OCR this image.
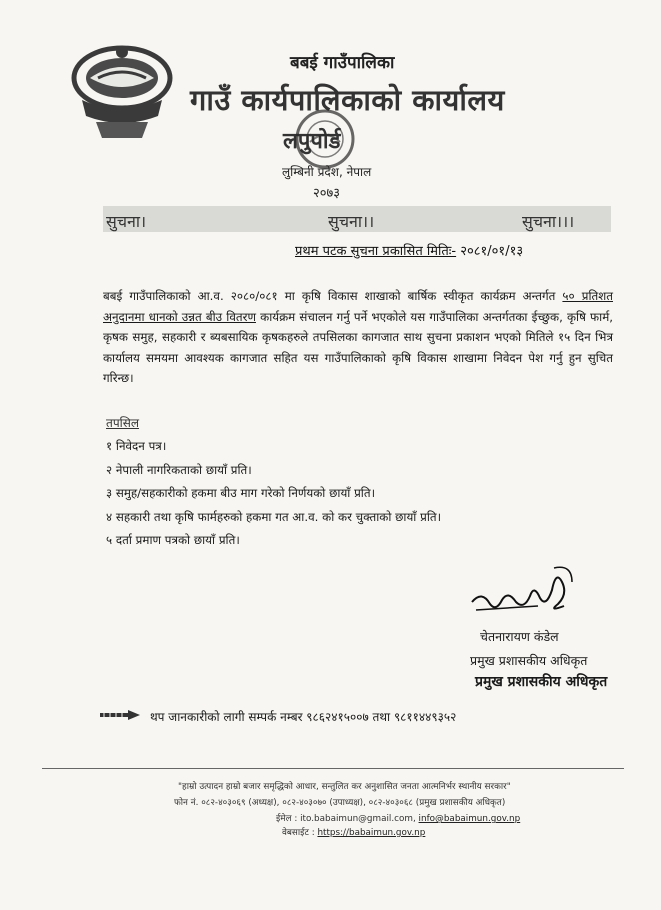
बबई गाउँपालिका
गाउँ कार्यपालिकाको कार्यालय
लपुपोर्ड
लुम्बिनी प्रदेश, नेपाल
२०७३
सुचना।	सुचना।।	सुचना।।।
प्रथम पटक सुचना प्रकासित मितिः- २०८१/०१/१३
बबई गाउँपालिकाको आ.व. २०८०/०८१ मा कृषि विकास शाखाको बार्षिक स्वीकृत कार्यक्रम अन्तर्गत ५० प्रतिशत अनुदानमा धानको उन्नत बीउ वितरण कार्यक्रम संचालन गर्नु पर्ने भएकोले यस गाउँपालिका अन्तर्गतका ईच्छुक, कृषि फार्म, कृषक समुह, सहकारी र ब्यबसायिक कृषकहरुले तपसिलका कागजात साथ सुचना प्रकाशन भएको मितिले १५ दिन भित्र कार्यालय समयमा आवश्यक कागजात सहित यस गाउँपालिकाको कृषि विकास शाखामा निवेदन पेश गर्नु हुन सुचित गरिन्छ।
तपसिल
१ निवेदन पत्र।
२ नेपाली नागरिकताको छायाँ प्रति।
३ समुह/सहकारीको हकमा बीउ माग गरेको निर्णयको छायाँ प्रति।
४ सहकारी तथा कृषि फार्महरुको हकमा गत आ.व. को कर चुक्ताको छायाँ प्रति।
५ दर्ता प्रमाण पत्रको छायाँ प्रति।
चेतनारायण कंडेल
प्रमुख प्रशासकीय अधिकृत
प्रमुख प्रशासकीय अधिकृत
थप जानकारीको लागी सम्पर्क नम्बर ९८६२४१५००७ तथा ९८११४४९३५२
"हाम्रो उत्पादन हाम्रो बजार समृद्धिको आधार, सन्तुलित कर अनुशासित जनता आत्मनिर्भर स्थानीय सरकार"
फोन नं. ०८२-४०३०६९ (अध्यक्ष), ०८२-४०३०७० (उपाध्यक्ष), ०८२-४०३०६८ (प्रमुख प्रशासकीय अधिकृत)
ईमेल : ito.babaimun@gmail.com, info@babaimun.gov.np
वेबसाईट : https://babaimun.gov.np
